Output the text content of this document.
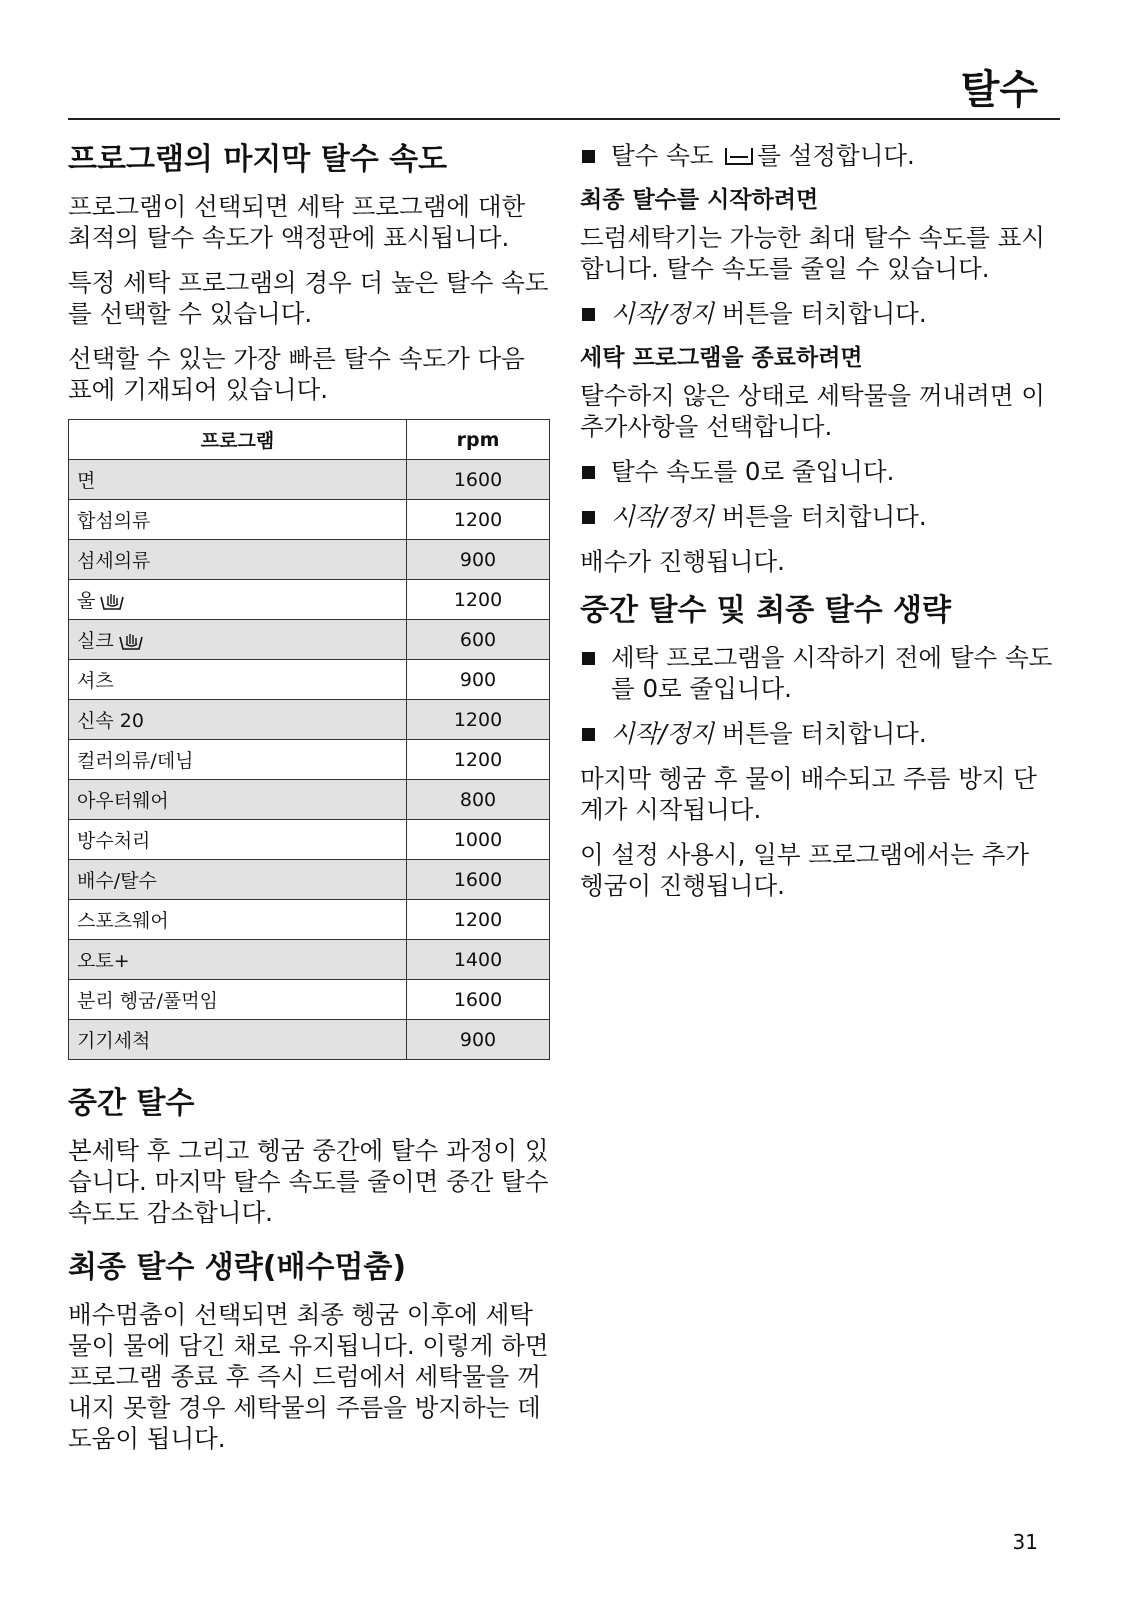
탈수
프로그램의 마지막 탈수 속도

프로그램이 선택되면 세탁 프로그램에 대한 최적의 탈수 속도가 액정판에 표시됩니다.

특정 세탁 프로그램의 경우 더 높은 탈수 속도를 선택할 수 있습니다.

선택할 수 있는 가장 빠른 탈수 속도가 다음 표에 기재되어 있습니다.

프로그램	rpm
면	1600
합섬의류	1200
섬세의류	900
울	1200
실크	600
셔츠	900
신속 20	1200
컬러의류/데님	1200
아우터웨어	800
방수처리	1000
배수/탈수	1600
스포츠웨어	1200
오토+	1400
분리 헹굼/풀먹임	1600
기기세척	900
중간 탈수

본세탁 후 그리고 헹굼 중간에 탈수 과정이 있습니다. 마지막 탈수 속도를 줄이면 중간 탈수 속도도 감소합니다.

최종 탈수 생략(배수멈춤)

배수멈춤이 선택되면 최종 헹굼 이후에 세탁물이 물에 담긴 채로 유지됩니다. 이렇게 하면 프로그램 종료 후 즉시 드럼에서 세탁물을 꺼내지 못할 경우 세탁물의 주름을 방지하는 데 도움이 됩니다.

탈수 속도 를 설정합니다.
최종 탈수를 시작하려면

드럼세탁기는 가능한 최대 탈수 속도를 표시합니다. 탈수 속도를 줄일 수 있습니다.

시작/정지 버튼을 터치합니다.
세탁 프로그램을 종료하려면

탈수하지 않은 상태로 세탁물을 꺼내려면 이 추가사항을 선택합니다.

탈수 속도를 0로 줄입니다.
시작/정지 버튼을 터치합니다.

배수가 진행됩니다.

중간 탈수 및 최종 탈수 생략
세탁 프로그램을 시작하기 전에 탈수 속도를 0로 줄입니다.
시작/정지 버튼을 터치합니다.

마지막 헹굼 후 물이 배수되고 주름 방지 단계가 시작됩니다.

이 설정 사용시, 일부 프로그램에서는 추가 헹굼이 진행됩니다.

31
